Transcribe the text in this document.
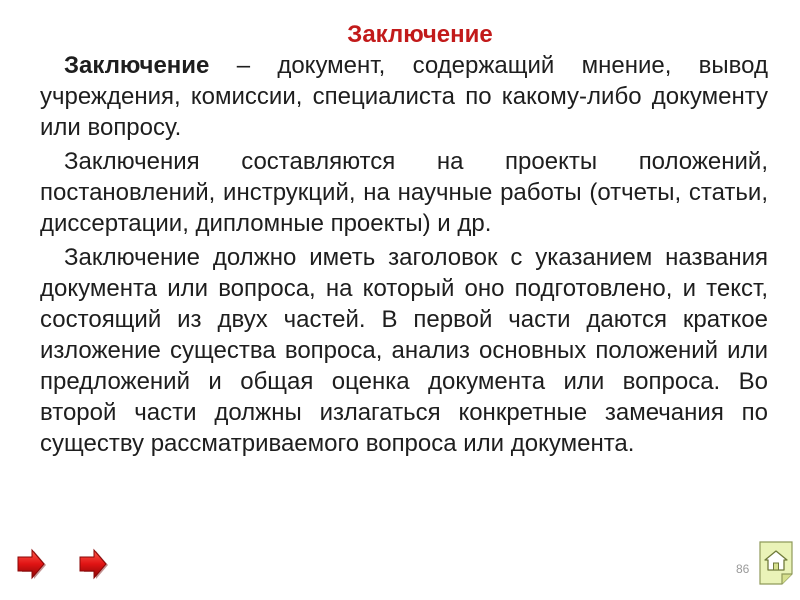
Заключение

Заключение – документ, содержащий мнение, вывод учреждения, комиссии, специалиста по какому-либо документу или вопросу.

Заключения составляются на проекты положений, постановлений, инструкций, на научные работы (отчеты, статьи, диссертации, дипломные проекты) и др.

Заключение должно иметь заголовок с указанием названия документа или вопроса, на который оно подготовлено, и текст, состоящий из двух частей. В первой части даются краткое изложение существа вопроса, анализ основных положений или предложений и общая оценка документа или вопроса. Во второй части должны излагаться конкретные замечания по существу рассматриваемого вопроса или документа.

86
